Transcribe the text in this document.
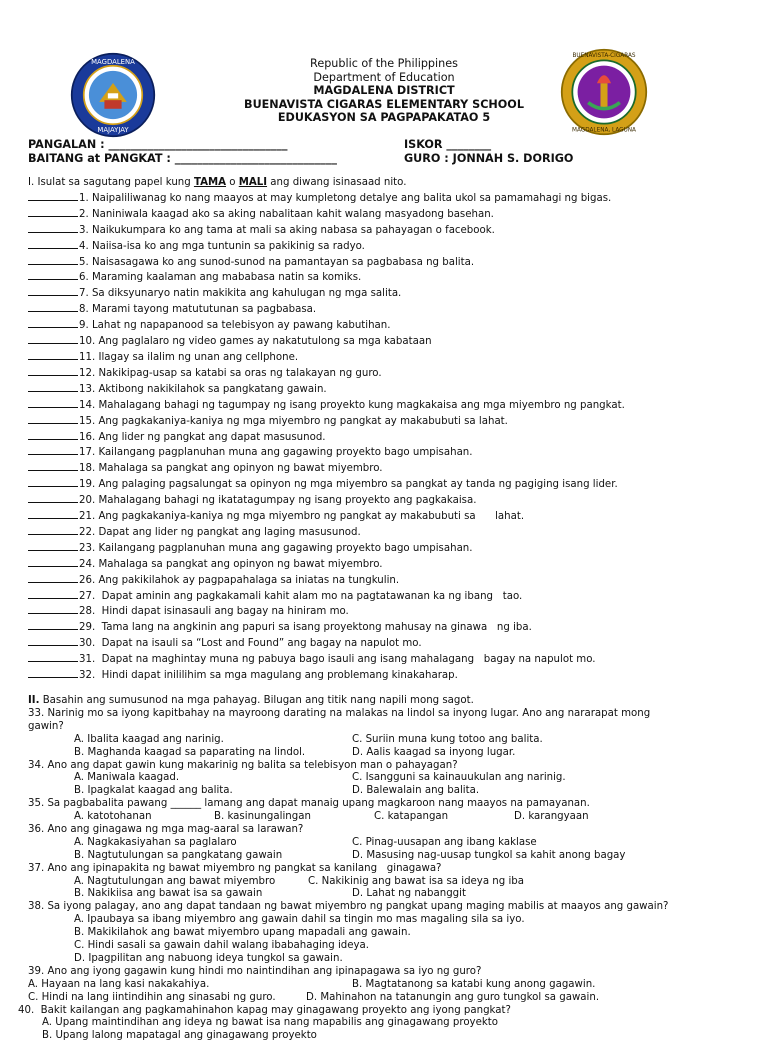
MAGDALENA
MAJAYJAY
BUENAVISTA-CIGARAS
MAGDALENA, LAGUNA
Republic of the Philippines
Department of Education
MAGDALENA DISTRICT
BUENAVISTA CIGARAS ELEMENTARY SCHOOL
EDUKASYON SA PAGPAPAKATAO 5
PANGALAN : ________________________________	ISKOR ________
BAITANG at PANGKAT : _____________________________	GURO : JONNAH S. DORIGO
I. Isulat sa sagutang papel kung TAMA o MALI ang diwang isinasaad nito.
1. Naipaliliwanag ko nang maayos at may kumpletong detalye ang balita ukol sa pamamahagi ng bigas.
2. Naniniwala kaagad ako sa aking nabalitaan kahit walang masyadong basehan.
3. Naikukumpara ko ang tama at mali sa aking nabasa sa pahayagan o facebook.
4. Naiisa-isa ko ang mga tuntunin sa pakikinig sa radyo.
5. Naisasagawa ko ang sunod-sunod na pamantayan sa pagbabasa ng balita.
6. Maraming kaalaman ang mababasa natin sa komiks.
7. Sa diksyunaryo natin makikita ang kahulugan ng mga salita.
8. Marami tayong matututunan sa pagbabasa.
9. Lahat ng napapanood sa telebisyon ay pawang kabutihan.
10. Ang paglalaro ng video games ay nakatutulong sa mga kabataan
11. Ilagay sa ilalim ng unan ang cellphone.
12. Nakikipag-usap sa katabi sa oras ng talakayan ng guro.
13. Aktibong nakikilahok sa pangkatang gawain.
14. Mahalagang bahagi ng tagumpay ng isang proyekto kung magkakaisa ang mga miyembro ng pangkat.
15. Ang pagkakaniya-kaniya ng mga miyembro ng pangkat ay makabubuti sa lahat.
16. Ang lider ng pangkat ang dapat masusunod.
17. Kailangang pagplanuhan muna ang gagawing proyekto bago umpisahan.
18. Mahalaga sa pangkat ang opinyon ng bawat miyembro.
19. Ang palaging pagsalungat sa opinyon ng mga miyembro sa pangkat ay tanda ng pagiging isang lider.
20. Mahalagang bahagi ng ikatatagumpay ng isang proyekto ang pagkakaisa.
21. Ang pagkakaniya-kaniya ng mga miyembro ng pangkat ay makabubuti sa      lahat.
22. Dapat ang lider ng pangkat ang laging masusunod.
23. Kailangang pagplanuhan muna ang gagawing proyekto bago umpisahan.
24. Mahalaga sa pangkat ang opinyon ng bawat miyembro.
26. Ang pakikilahok ay pagpapahalaga sa iniatas na tungkulin.
27.  Dapat aminin ang pagkakamali kahit alam mo na pagtatawanan ka ng ibang   tao.
28.  Hindi dapat isinasauli ang bagay na hiniram mo.
29.  Tama lang na angkinin ang papuri sa isang proyektong mahusay na ginawa   ng iba.
30.  Dapat na isauli sa “Lost and Found” ang bagay na napulot mo.
31.  Dapat na maghintay muna ng pabuya bago isauli ang isang mahalagang   bagay na napulot mo.
32.  Hindi dapat inililihim sa mga magulang ang problemang kinakaharap.
II. Basahin ang sumusunod na mga pahayag. Bilugan ang titik nang napili mong sagot.
33. Narinig mo sa iyong kapitbahay na mayroong darating na malakas na lindol sa inyong lugar. Ano ang nararapat mong
gawin?
A. Ibalita kaagad ang narinig.	C. Suriin muna kung totoo ang balita.
B. Maghanda kaagad sa paparating na lindol.	D. Aalis kaagad sa inyong lugar.
34. Ano ang dapat gawin kung makarinig ng balita sa telebisyon man o pahayagan?
A. Maniwala kaagad.	C. Isangguni sa kainauukulan ang narinig.
B. Ipagkalat kaagad ang balita.	D. Balewalain ang balita.
35. Sa pagbabalita pawang ______ lamang ang dapat manaig upang magkaroon nang maayos na pamayanan.
A. katotohanan	B. kasinungalingan	C. katapangan	D. karangyaan
36. Ano ang ginagawa ng mga mag-aaral sa larawan?
A. Nagkakasiyahan sa paglalaro	C. Pinag-uusapan ang ibang kaklase
B. Nagtutulungan sa pangkatang gawain	D. Masusing nag-uusap tungkol sa kahit anong bagay
37. Ano ang ipinapakita ng bawat miyembro ng pangkat sa kanilang   ginagawa?
A. Nagtutulungan ang bawat miyembro	C. Nakikinig ang bawat isa sa ideya ng iba
B. Nakikiisa ang bawat isa sa gawain	D. Lahat ng nabanggit
38. Sa iyong palagay, ano ang dapat tandaan ng bawat miyembro ng pangkat upang maging mabilis at maayos ang gawain?
A. Ipaubaya sa ibang miyembro ang gawain dahil sa tingin mo mas magaling sila sa iyo.
B. Makikilahok ang bawat miyembro upang mapadali ang gawain.
C. Hindi sasali sa gawain dahil walang ibabahaging ideya.
D. Ipagpilitan ang nabuong ideya tungkol sa gawain.
39. Ano ang iyong gagawin kung hindi mo naintindihan ang ipinapagawa sa iyo ng guro?
A. Hayaan na lang kasi nakakahiya.	B. Magtatanong sa katabi kung anong gagawin.
C. Hindi na lang iintindihin ang sinasabi ng guro.	D. Mahinahon na tatanungin ang guro tungkol sa gawain.
40.  Bakit kailangan ang pagkamahinahon kapag may ginagawang proyekto ang iyong pangkat?
A. Upang maintindihan ang ideya ng bawat isa nang mapabilis ang ginagawang proyekto
B. Upang lalong mapatagal ang ginagawang proyekto
